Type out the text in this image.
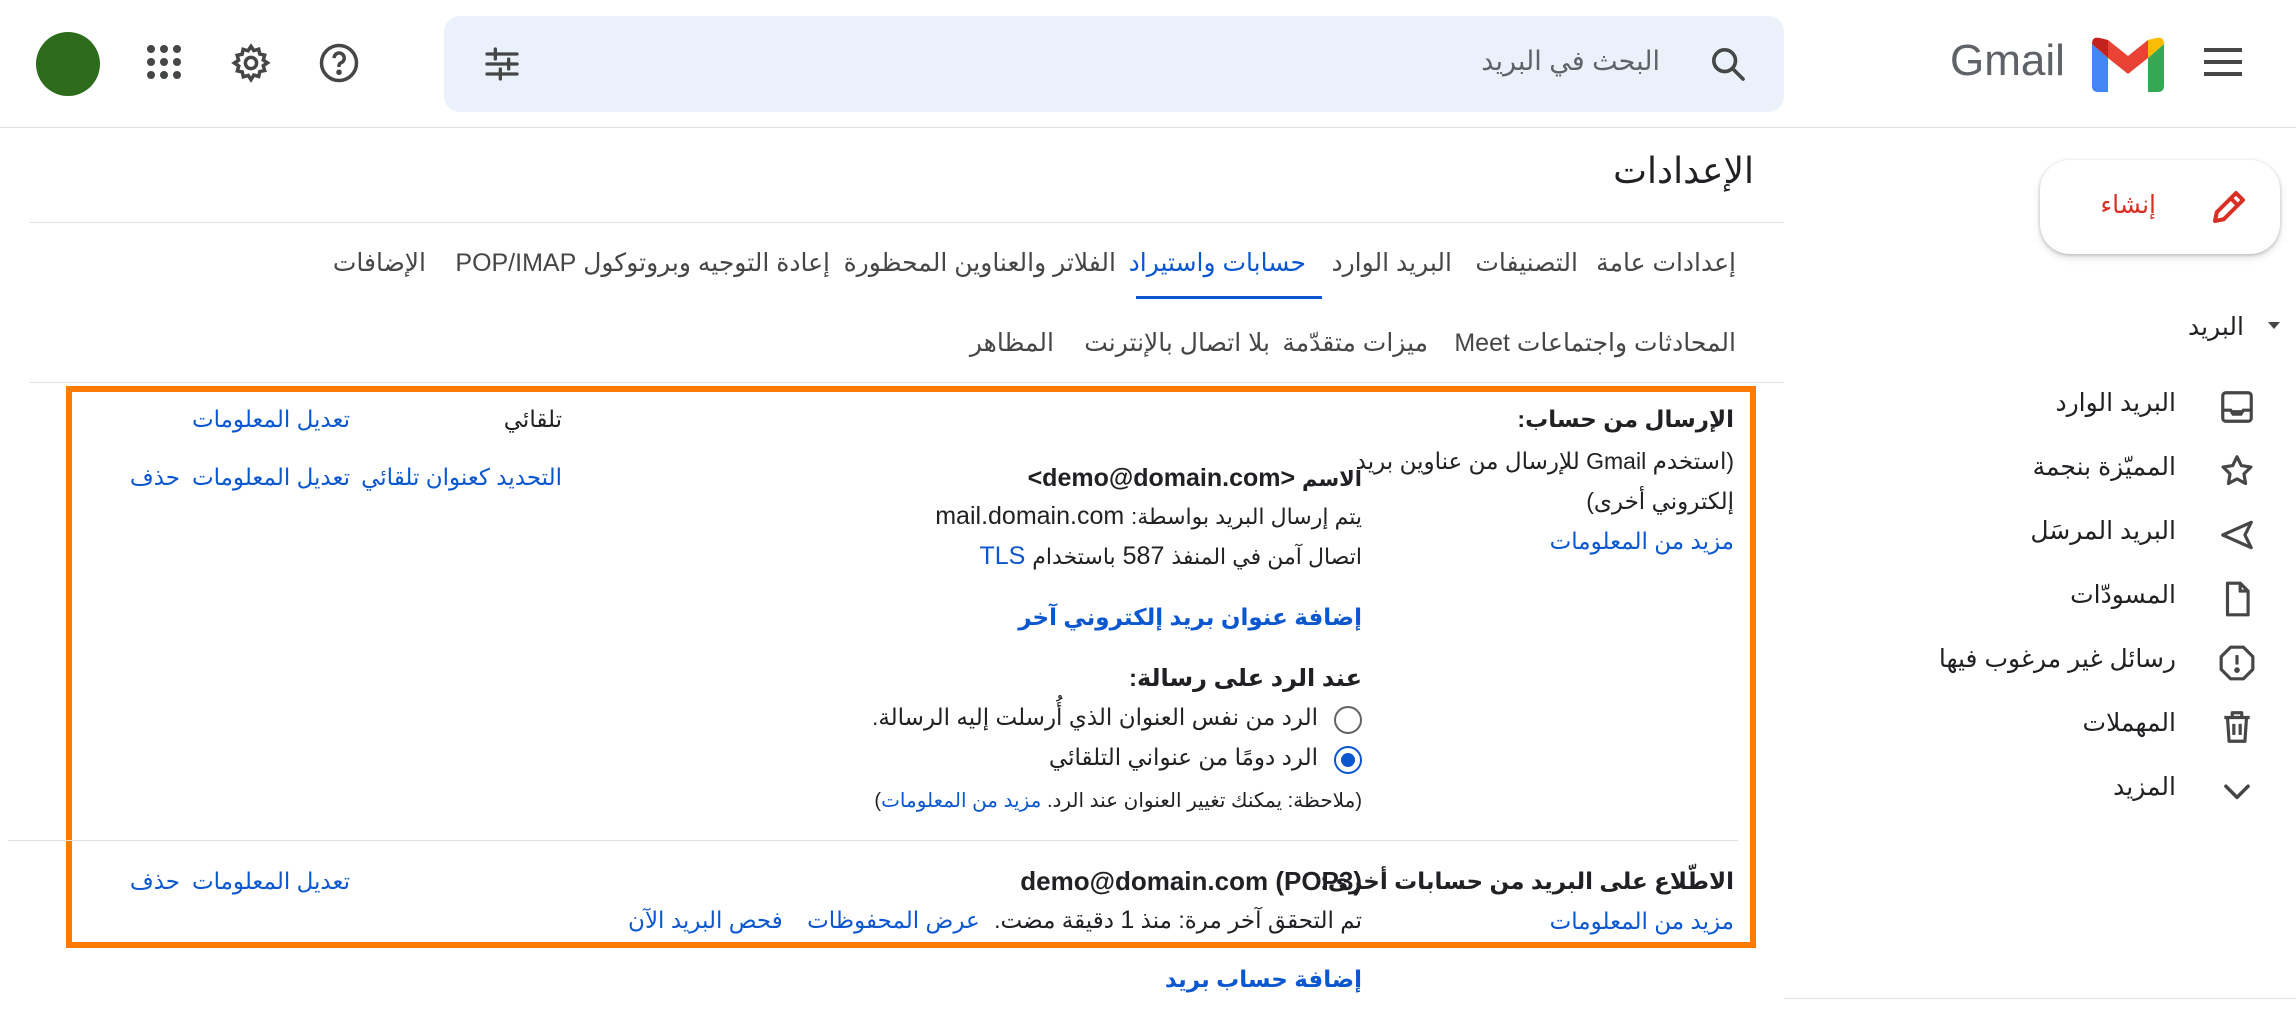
البحث في البريد	Gmail
إنشاء
البريد
البريد الوارد
المميّزة بنجمة
البريد المرسَل
المسودّات
رسائل غير مرغوب فيها
المهملات
المزيد
الإعدادات
إعدادات عامة
التصنيفات
البريد الوارد
حسابات واستيراد
الفلاتر والعناوين المحظورة
إعادة التوجيه وبروتوكول POP/IMAP
الإضافات
المحادثات واجتماعات Meet
ميزات متقدّمة
بلا اتصال بالإنترنت
المظاهر
الإرسال من حساب:
(استخدم Gmail للإرسال من عناوين بريد
إلكتروني أخرى)
مزيد من المعلومات
الاسم <demo@domain.com>
يتم إرسال البريد بواسطة: mail.domain.com
اتصال آمن في المنفذ 587 باستخدام TLS
تلقائي
تعديل المعلومات
التحديد كعنوان تلقائي
تعديل المعلومات
حذف
إضافة عنوان بريد إلكتروني آخر
عند الرد على رسالة:
الرد من نفس العنوان الذي أُرسلت إليه الرسالة.
الرد دومًا من عنواني التلقائي
(ملاحظة: يمكنك تغيير العنوان عند الرد. مزيد من المعلومات)
الاطّلاع على البريد من حسابات أخرى:
مزيد من المعلومات
demo@domain.com (POP3)
تم التحقق آخر مرة: منذ 1 دقيقة مضت. عرض المحفوظات فحص البريد الآن
تعديل المعلومات
حذف
إضافة حساب بريد
